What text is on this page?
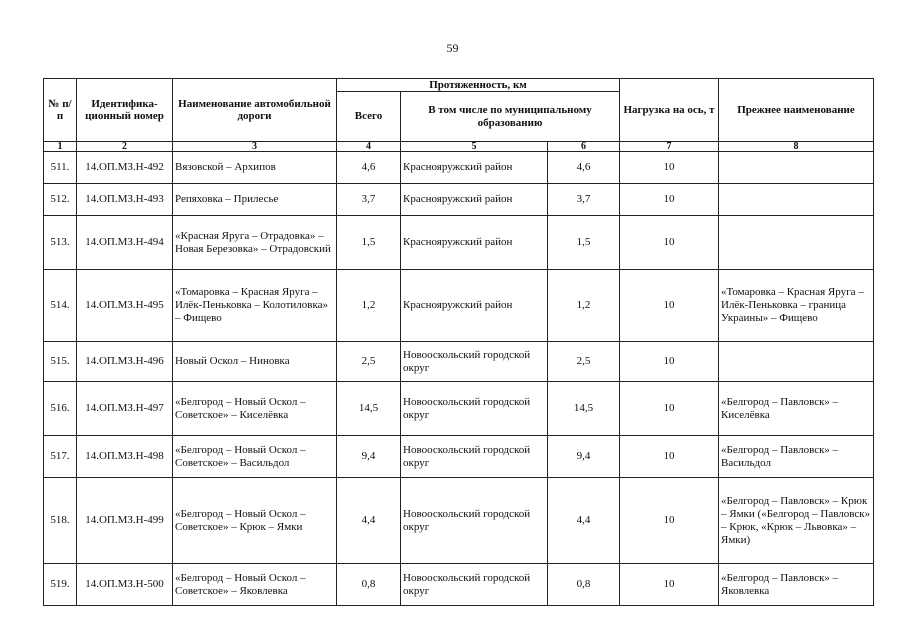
59
№ п/п	Идентифика-ционный номер	Наименование автомобильной дороги	Протяженность, км			Нагрузка на ось, т	Прежнее наименование
			Всего	В том числе по муниципальному образованию			
1	2	3	4	5	6	7	8
511.	14.ОП.МЗ.Н-492	Вязовской – Архипов	4,6	Краснояружский район	4,6	10	
512.	14.ОП.МЗ.Н-493	Репяховка – Прилесье	3,7	Краснояружский район	3,7	10	
513.	14.ОП.МЗ.Н-494	«Красная Яруга – Отрадовка» – Новая Березовка» – Отрадовский	1,5	Краснояружский район	1,5	10	
514.	14.ОП.МЗ.Н-495	«Томаровка – Красная Яруга – Илёк-Пеньковка – Колотиловка» – Фищево	1,2	Краснояружский район	1,2	10	«Томаровка – Красная Яруга – Илёк-Пеньковка – граница Украины» – Фищево
515.	14.ОП.МЗ.Н-496	Новый Оскол – Ниновка	2,5	Новооскольский городской округ	2,5	10	
516.	14.ОП.МЗ.Н-497	«Белгород – Новый Оскол – Советское» – Киселёвка	14,5	Новооскольский городской округ	14,5	10	«Белгород – Павловск» – Киселёвка
517.	14.ОП.МЗ.Н-498	«Белгород – Новый Оскол – Советское» – Васильдол	9,4	Новооскольский городской округ	9,4	10	«Белгород – Павловск» – Васильдол
518.	14.ОП.МЗ.Н-499	«Белгород – Новый Оскол – Советское» – Крюк – Ямки	4,4	Новооскольский городской округ	4,4	10	«Белгород – Павловск» – Крюк – Ямки («Белгород – Павловск» – Крюк, «Крюк – Львовка» – Ямки)
519.	14.ОП.МЗ.Н-500	«Белгород – Новый Оскол – Советское» – Яковлевка	0,8	Новооскольский городской округ	0,8	10	«Белгород – Павловск» – Яковлевка
